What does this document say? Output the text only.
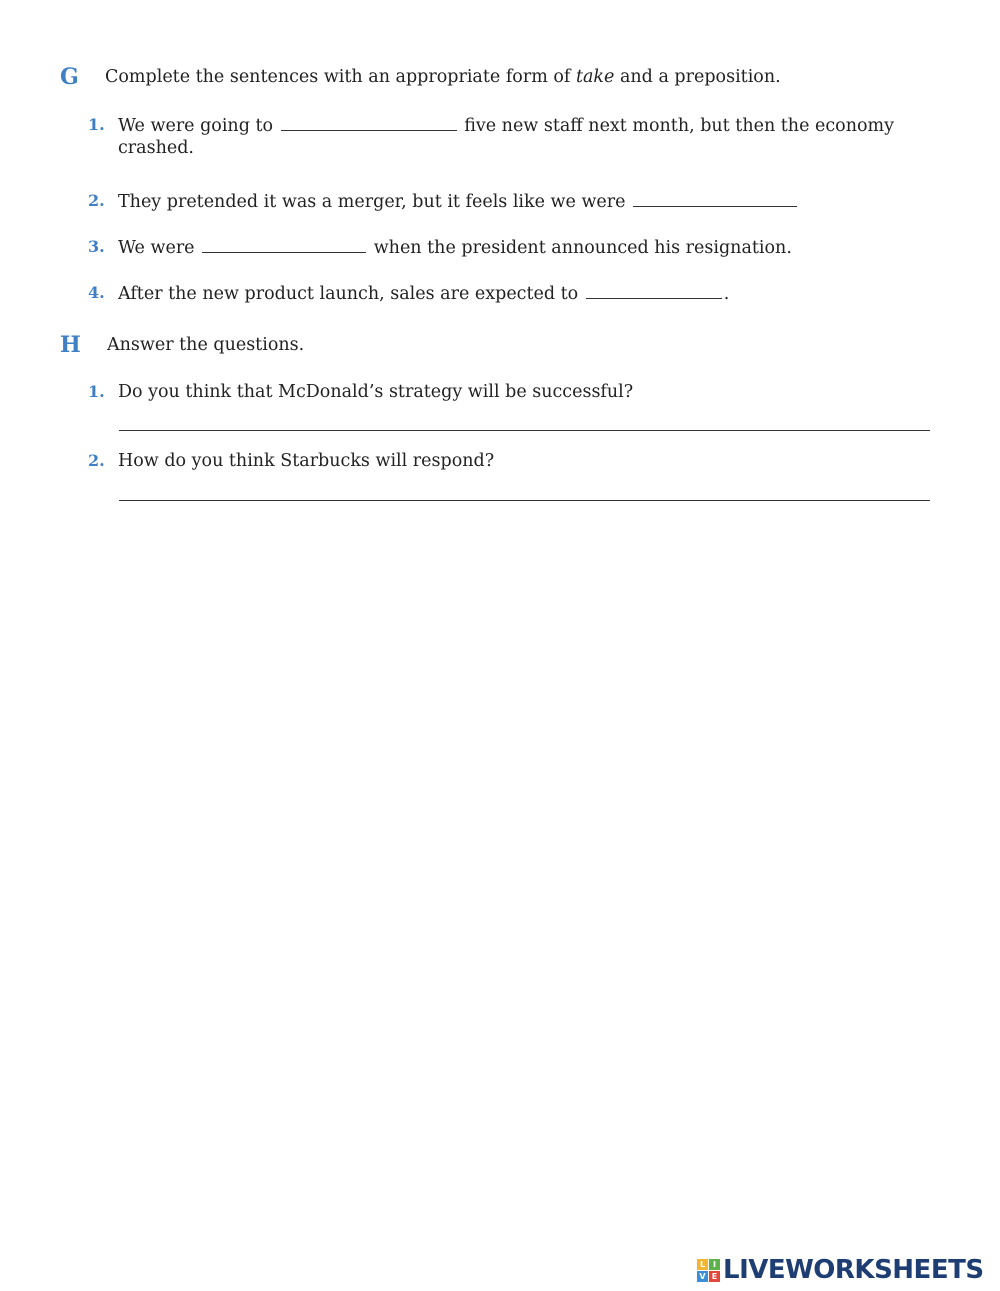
G Complete the sentences with an appropriate form of take and a preposition.
1. We were going to	five new staff next month, but then the economy
crashed.
2. They pretended it was a merger, but it feels like we were
3. We were	when the president announced his resignation.
4. After the new product launch, sales are expected to	.
H Answer the questions.
1. Do you think that McDonald’s strategy will be successful?
2. How do you think Starbucks will respond?
L I
V E LIVEWORKSHEETS
